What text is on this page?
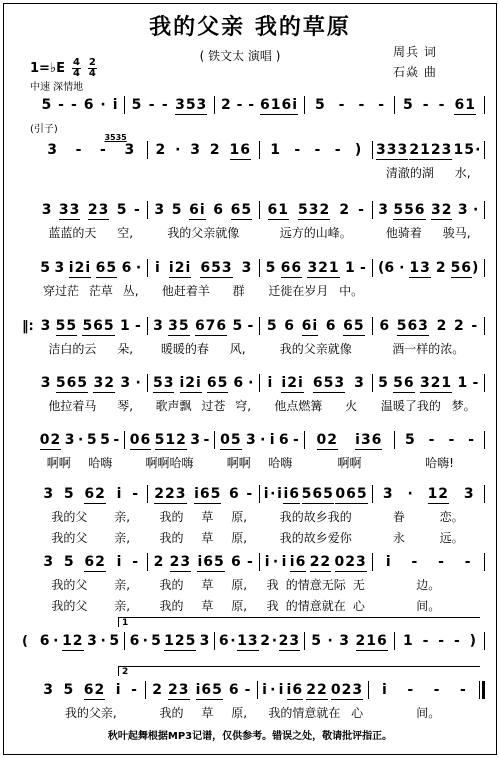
我的父亲 我的草原
( 铁文太 演唱 )	周兵 词
石焱 曲
1=♭E $\frac{4}{4} \frac{2}{4}$
中速 深情地
(引子)
5 - - 6 · i 5 - - 353 2 - - 616i 5 - - - 5 - - 61
3 - -
3535
3 2 · 3 2 16 1 - - - ) 333 2123 1 5 ·
清澈的湖 水,
3 33 23 5 - 3 5 6i 6 65 61 532 2 - 3 556 32 3 ·
蓝蓝的天 空,	我的父亲就像	远方的山峰。	他骑着 骏马,
5 3 i2i 65 6 · i i2i 653 3 5 66 321 1 - (6 · 13 2 56)
穿过茫 茫草 丛, 他赶着羊 群 迁徙在岁月 中。
‖: 3 55 565 1 - 3 35 676 5 - 5 6 6i 6 65 6 563 2 2 -
洁白的云 朵, 暖暖的春 风,	我的父亲就像	酒一样的浓。
3 565 32 3 · 53 i2i 65 6 · i i2i 653 3 5 56 321 1 -
他拉着马 琴, 歌声飘 过苍 穹, 他点燃篝 火 温暖了我的 梦。
02 3 · 5 5 - 06 512 3 - 05 3 · i 6 - 02 i36 5 - - -
啊啊 哈嗨	啊啊哈嗨	啊啊 哈嗨	啊啊	哈嗨!
3 5 62 i - 223 i65 6 - i · i i6 565 065 3 · 12 3
我的父 亲, 我的 草 原,	我的故乡我的	眷	恋。
我的父 亲, 我的 草 原,	我的故乡爱你	永	远。
3 5 62 i - 2 23 i65 6 - i · i i6 22 023 i - - -
我的父 亲, 我的 草 原, 我 的情意无际 无	边。
我的父 亲, 我的 草 原, 我 的情意就在 心	间。
( 6 · 12 3 · 5 6 · 5 125 3 6 · 13 2 · 23 5 · 3 216 1 - - - )
3 5 62 i - 2 23 i65 6 - i · i i6 22 023 i - - -
我的父亲,	我的 草 原, 我的情意就在 心	间。
1
2
秋叶起舞根据MP3记谱，仅供参考。错误之处，敬请批评指正。
